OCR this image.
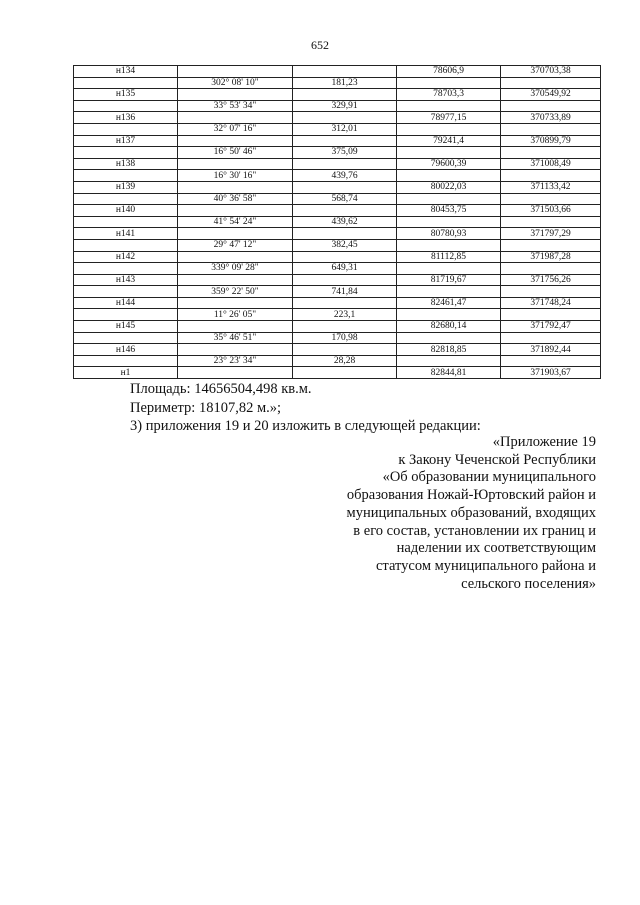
652
н134			78606,9	370703,38
	302° 08' 10"	181,23		
н135			78703,3	370549,92
	33° 53' 34"	329,91		
н136			78977,15	370733,89
	32° 07' 16"	312,01		
н137			79241,4	370899,79
	16° 50' 46"	375,09		
н138			79600,39	371008,49
	16° 30' 16"	439,76		
н139			80022,03	371133,42
	40° 36' 58"	568,74		
н140			80453,75	371503,66
	41° 54' 24"	439,62		
н141			80780,93	371797,29
	29° 47' 12"	382,45		
н142			81112,85	371987,28
	339° 09' 28"	649,31		
н143			81719,67	371756,26
	359° 22' 50"	741,84		
н144			82461,47	371748,24
	11° 26' 05"	223,1		
н145			82680,14	371792,47
	35° 46' 51"	170,98		
н146			82818,85	371892,44
	23° 23' 34"	28,28		
н1			82844,81	371903,67
Площадь: 14656504,498 кв.м.
Периметр: 18107,82 м.»;
3) приложения 19 и 20 изложить в следующей редакции:
«Приложение 19
к Закону Чеченской Республики
«Об образовании муниципального
образования Ножай-Юртовский район и
муниципальных образований, входящих
в его состав, установлении их границ и
наделении их соответствующим
статусом муниципального района и
сельского поселения»
